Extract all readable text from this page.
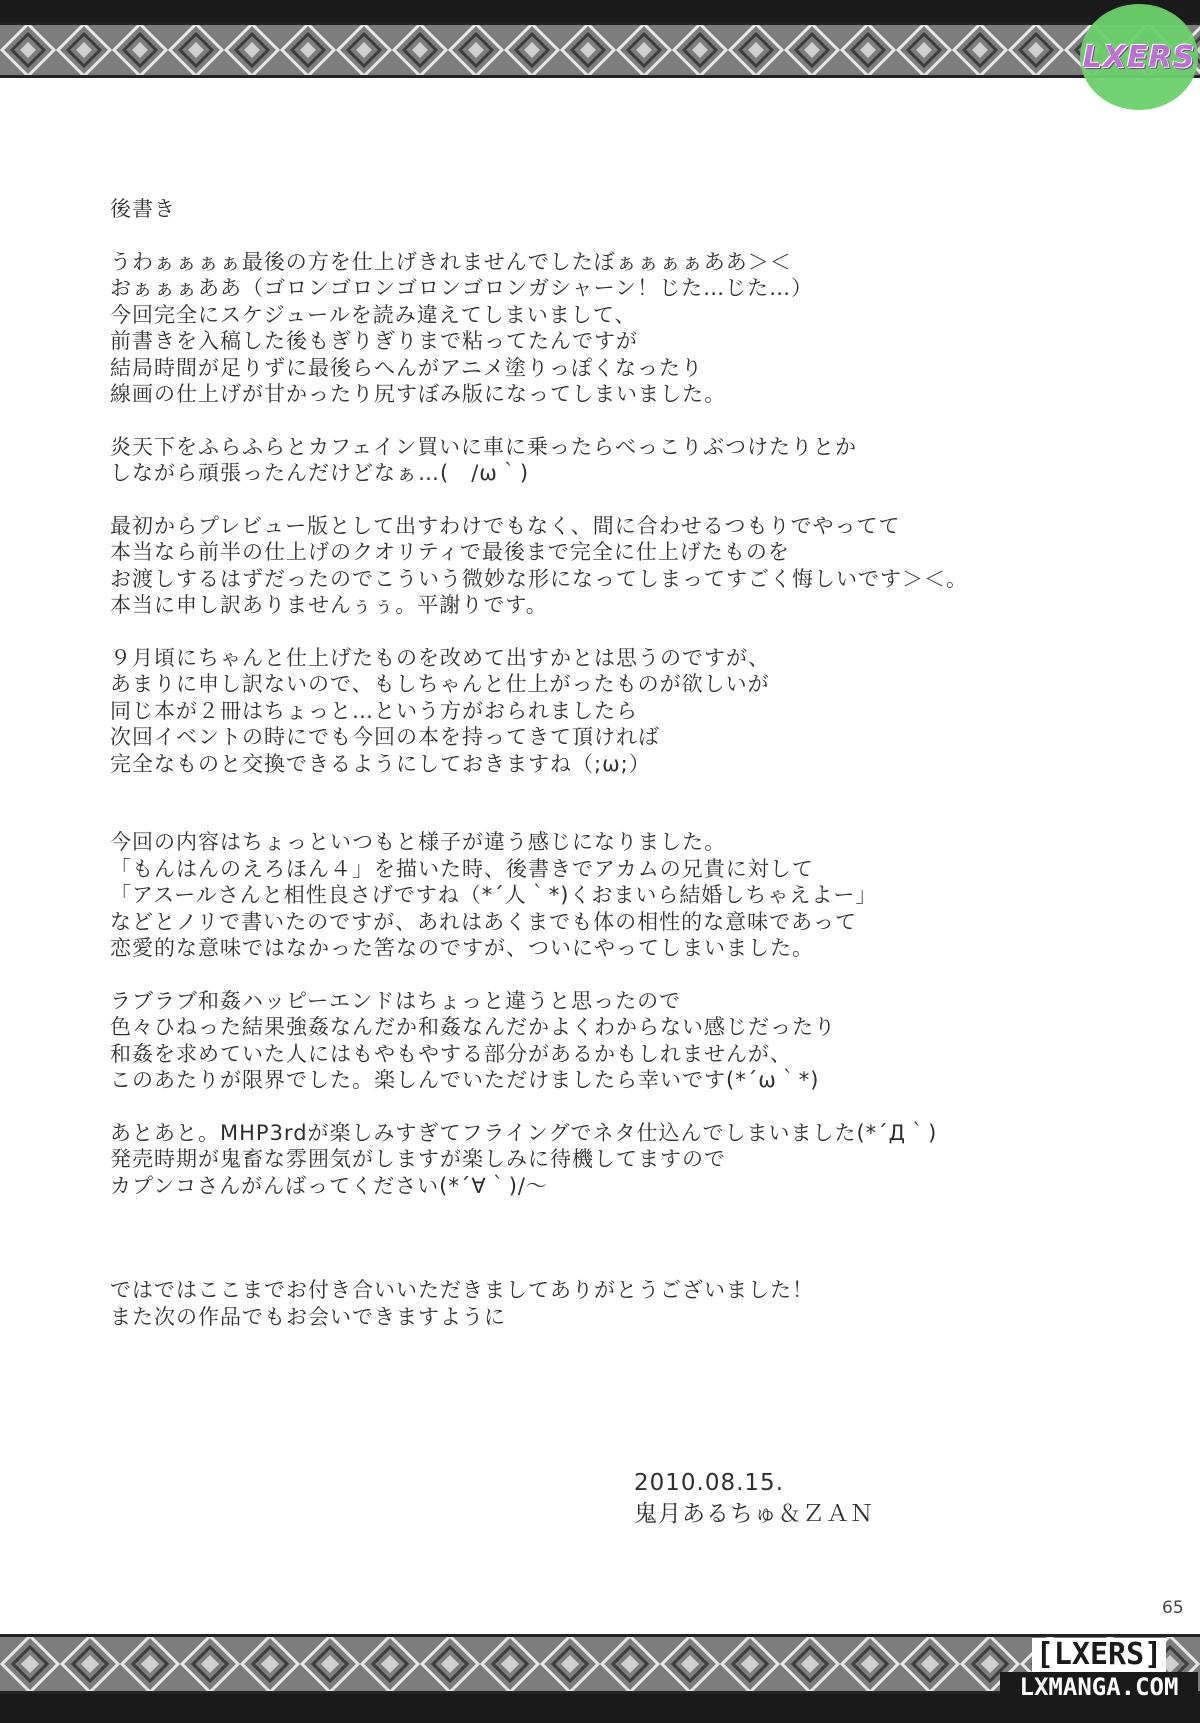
LXERS
後書き
うわぁぁぁぁ最後の方を仕上げきれませんでしたぼぁぁぁぁああ＞＜
おぁぁぁああ（ゴロンゴロンゴロンゴロンガシャーン！じた…じた…）
今回完全にスケジュールを読み違えてしまいまして、
前書きを入稿した後もぎりぎりまで粘ってたんですが
結局時間が足りずに最後らへんがアニメ塗りっぽくなったり
線画の仕上げが甘かったり尻すぼみ版になってしまいました。
炎天下をふらふらとカフェイン買いに車に乗ったらべっこりぶつけたりとか
しながら頑張ったんだけどなぁ…(　/ω｀)
最初からプレビュー版として出すわけでもなく、間に合わせるつもりでやってて
本当なら前半の仕上げのクオリティで最後まで完全に仕上げたものを
お渡しするはずだったのでこういう微妙な形になってしまってすごく悔しいです＞＜。
本当に申し訳ありませんぅぅ。平謝りです。
９月頃にちゃんと仕上げたものを改めて出すかとは思うのですが、
あまりに申し訳ないので、もしちゃんと仕上がったものが欲しいが
同じ本が２冊はちょっと…という方がおられましたら
次回イベントの時にでも今回の本を持ってきて頂ければ
完全なものと交換できるようにしておきますね（;ω;）
今回の内容はちょっといつもと様子が違う感じになりました。
「もんはんのえろほん４」を描いた時、後書きでアカムの兄貴に対して
「アスールさんと相性良さげですね（*´人｀*)くおまいら結婚しちゃえよー」
などとノリで書いたのですが、あれはあくまでも体の相性的な意味であって
恋愛的な意味ではなかった筈なのですが、ついにやってしまいました。
ラブラブ和姦ハッピーエンドはちょっと違うと思ったので
色々ひねった結果強姦なんだか和姦なんだかよくわからない感じだったり
和姦を求めていた人にはもやもやする部分があるかもしれませんが、
このあたりが限界でした。楽しんでいただけましたら幸いです(*´ω｀*)
あとあと。MHP3rdが楽しみすぎてフライングでネタ仕込んでしまいました(*´Д｀)
発売時期が鬼畜な雰囲気がしますが楽しみに待機してますので
カプンコさんがんばってください(*´∀｀)/～
ではではここまでお付き合いいただきましてありがとうございました！
また次の作品でもお会いできますように
2010.08.15.
鬼月あるちゅ＆ＺＡＮ
65
[LXERS]
LXMANGA.COM
